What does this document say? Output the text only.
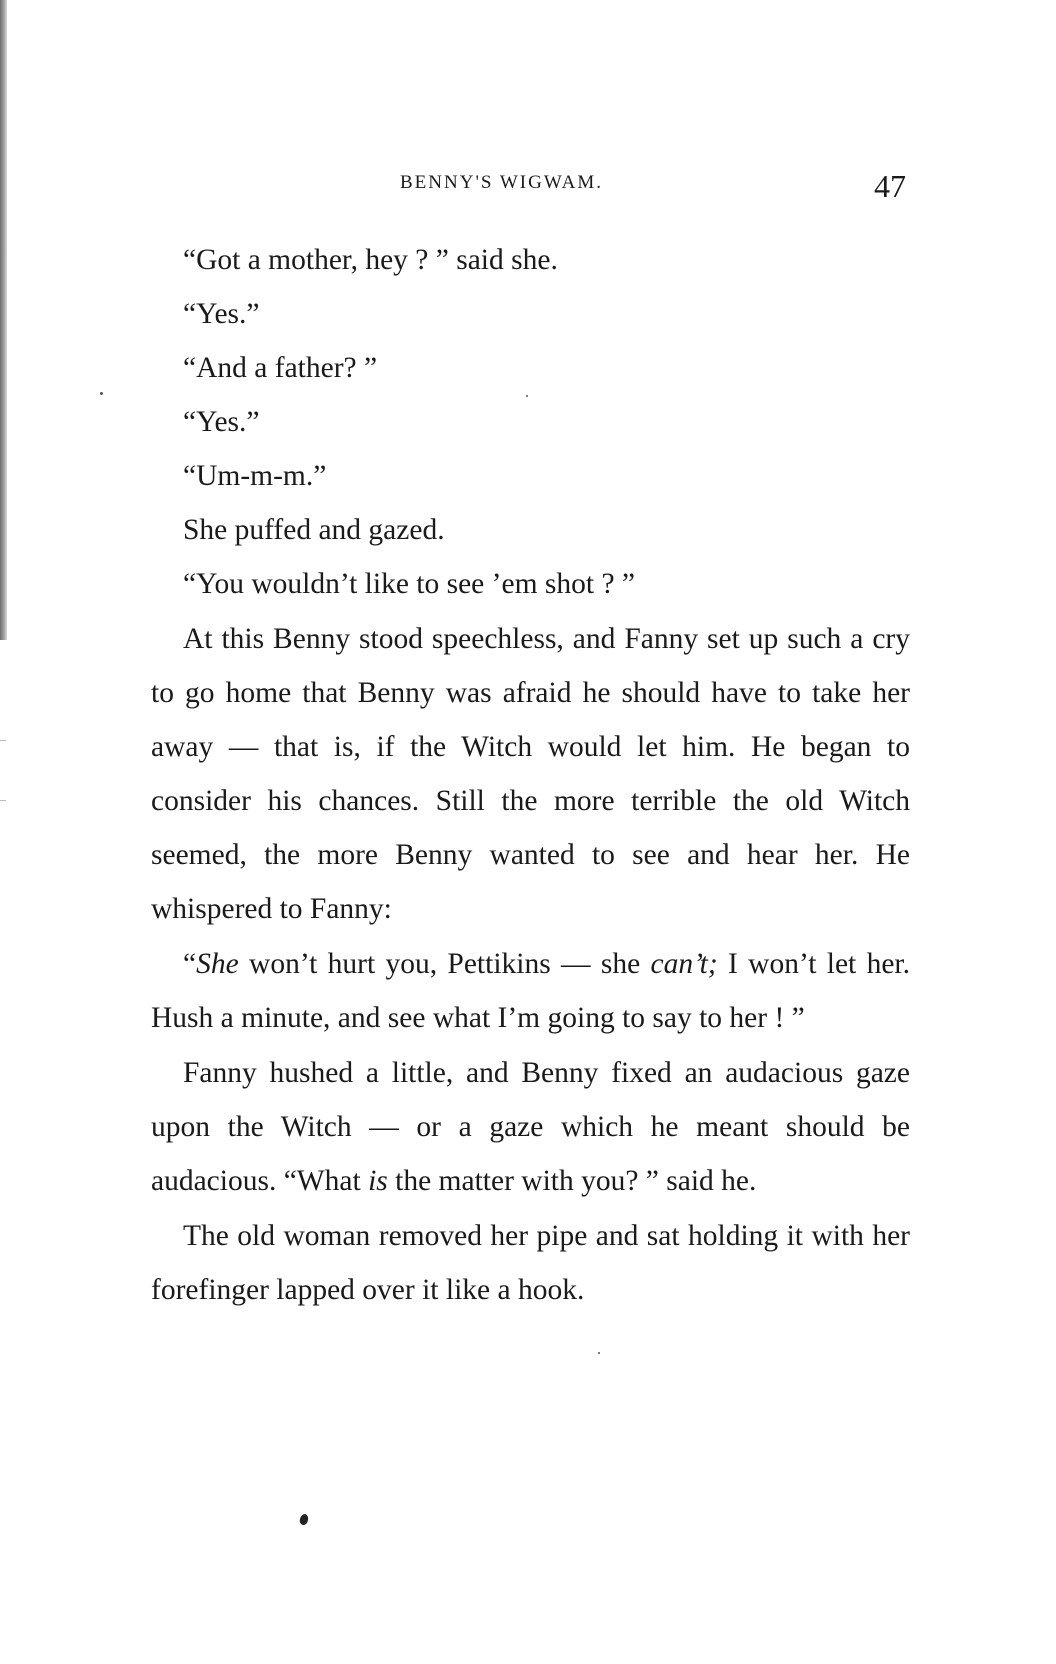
BENNY'S WIGWAM.	47

“Got a mother, hey ? ” said she.

“Yes.”

“And a father? ”

“Yes.”

“Um-m-m.”

She puffed and gazed.

“You wouldn’t like to see ’em shot ? ”

At this Benny stood speechless, and Fanny set up such a cry to go home that Benny was afraid he should have to take her away — that is, if the Witch would let him. He began to consider his chances. Still the more terrible the old Witch seemed, the more Benny wanted to see and hear her. He whispered to Fanny:

“She won’t hurt you, Pettikins — she can’t; I won’t let her. Hush a minute, and see what I’m going to say to her ! ”

Fanny hushed a little, and Benny fixed an audacious gaze upon the Witch — or a gaze which he meant should be audacious. “What is the matter with you? ” said he.

The old woman removed her pipe and sat holding it with her forefinger lapped over it like a hook.
